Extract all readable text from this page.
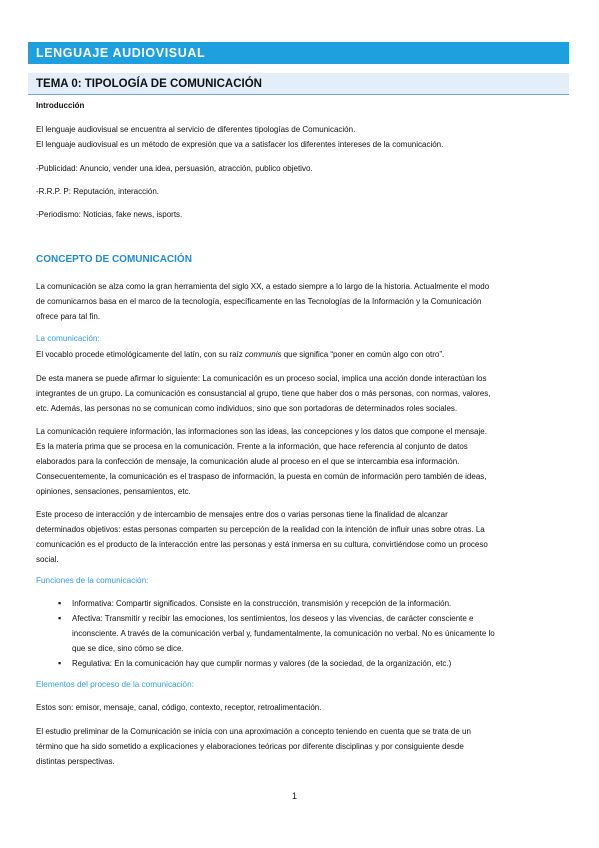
LENGUAJE AUDIOVISUAL
TEMA 0: TIPOLOGÍA DE COMUNICACIÓN
Introducción
El lenguaje audiovisual se encuentra al servicio de diferentes tipologías de Comunicación.
El lenguaje audiovisual es un método de expresión que va a satisfacer los diferentes intereses de la comunicación.
-Publicidad: Anuncio, vender una idea, persuasión, atracción, publico objetivo.
-R.R.P. P: Reputación, interacción.
-Periodismo: Noticias, fake news, isports.
CONCEPTO DE COMUNICACIÓN
La comunicación se alza como la gran herramienta del siglo XX, a estado siempre a lo largo de la historia. Actualmente el modo
de comunicarnos basa en el marco de la tecnología, específicamente en las Tecnologías de la Información y la Comunicación
ofrece para tal fin.
La comunicación:
El vocablo procede etimológicamente del latín, con su raíz communis que significa “poner en común algo con otro”.
De esta manera se puede afirmar lo siguiente: La comunicación es un proceso social, implica una acción donde interactúan los
integrantes de un grupo. La comunicación es consustancial al grupo, tiene que haber dos o más personas, con normas, valores,
etc. Además, las personas no se comunican como individuos, sino que son portadoras de determinados roles sociales.
La comunicación requiere información, las informaciones son las ideas, las concepciones y los datos que compone el mensaje.
Es la materia prima que se procesa en la comunicación. Frente a la información, que hace referencia al conjunto de datos
elaborados para la confección de mensaje, la comunicación alude al proceso en el que se intercambia esa información.
Consecuentemente, la comunicación es el traspaso de información, la puesta en común de información pero también de ideas,
opiniones, sensaciones, pensamientos, etc.
Este proceso de interacción y de intercambio de mensajes entre dos o varias personas tiene la finalidad de alcanzar
determinados objetivos: estas personas comparten su percepción de la realidad con la intención de influir unas sobre otras. La
comunicación es el producto de la interacción entre las personas y está inmersa en su cultura, convirtiéndose como un proceso
social.
Funciones de la comunicación:
▪ Informativa: Compartir significados. Consiste en la construcción, transmisión y recepción de la información.
▪ Afectiva: Transmitir y recibir las emociones, los sentimientos, los deseos y las vivencias, de carácter consciente e
inconsciente. A través de la comunicación verbal y, fundamentalmente, la comunicación no verbal. No es únicamente lo
que se dice, sino cómo se dice.
▪ Regulativa: En la comunicación hay que cumplir normas y valores (de la sociedad, de la organización, etc.)
Elementos del proceso de la comunicación:
Estos son: emisor, mensaje, canal, código, contexto, receptor, retroalimentación.
El estudio preliminar de la Comunicación se inicia con una aproximación a concepto teniendo en cuenta que se trata de un
término que ha sido sometido a explicaciones y elaboraciones teóricas por diferente disciplinas y por consiguiente desde
distintas perspectivas.
1
